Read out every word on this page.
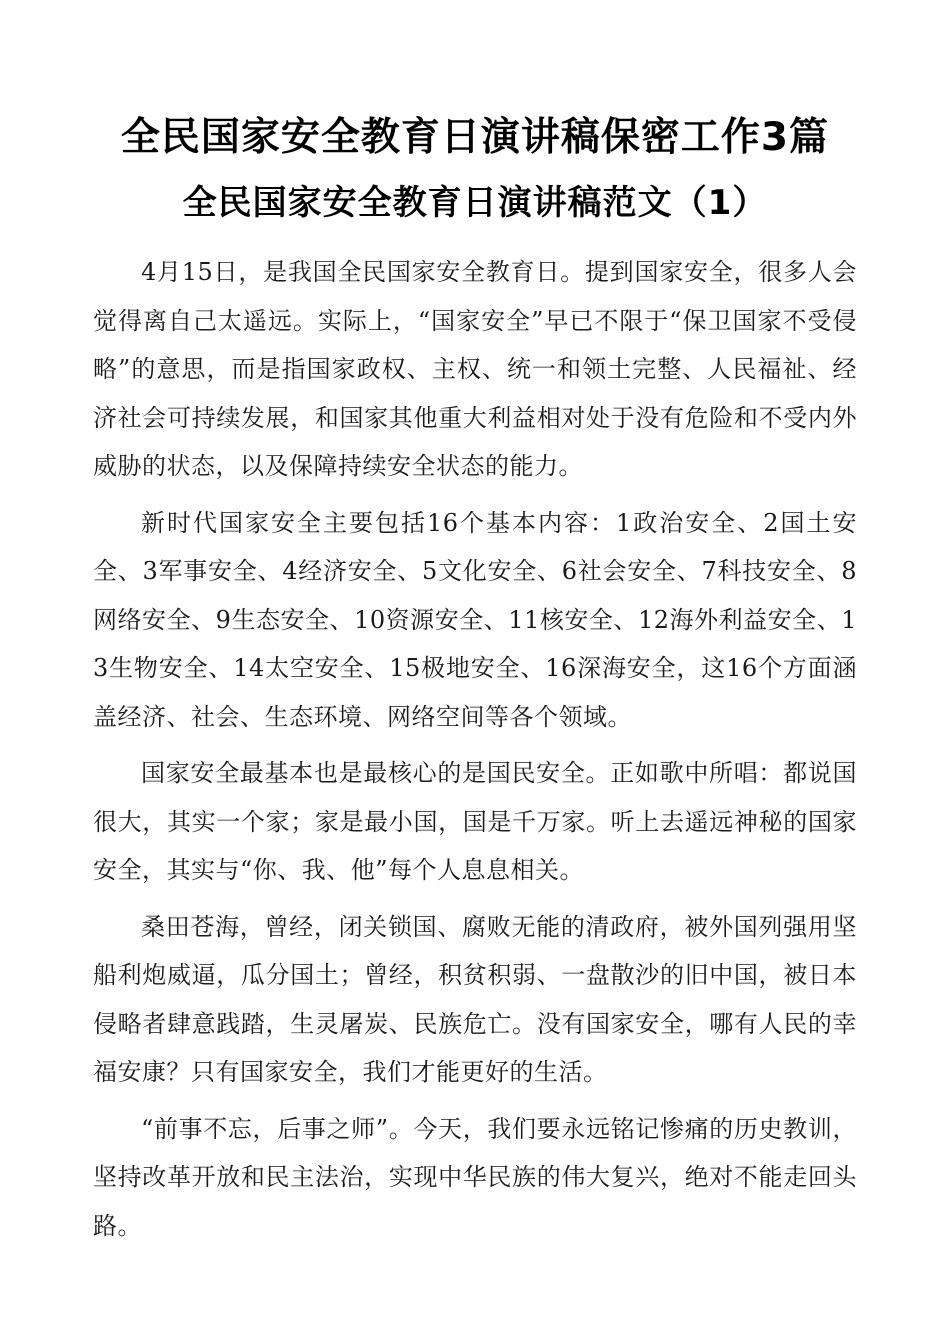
全民国家安全教育日演讲稿保密工作3篇
全民国家安全教育日演讲稿范文（1）

4月15日，是我国全民国家安全教育日。提到国家安全，很多人会觉得离自己太遥远。实际上，“国家安全”早已不限于“保卫国家不受侵略”的意思，而是指国家政权、主权、统一和领土完整、人民福祉、经济社会可持续发展，和国家其他重大利益相对处于没有危险和不受内外威胁的状态，以及保障持续安全状态的能力。

新时代国家安全主要包括16个基本内容：1政治安全、2国土安全、3军事安全、4经济安全、5文化安全、6社会安全、7科技安全、8网络安全、9生态安全、10资源安全、11核安全、12海外利益安全、13生物安全、14太空安全、15极地安全、16深海安全，这16个方面涵盖经济、社会、生态环境、网络空间等各个领域。

国家安全最基本也是最核心的是国民安全。正如歌中所唱：都说国很大，其实一个家；家是最小国，国是千万家。听上去遥远神秘的国家安全，其实与“你、我、他”每个人息息相关。

桑田苍海，曾经，闭关锁国、腐败无能的清政府，被外国列强用坚船利炮威逼，瓜分国土；曾经，积贫积弱、一盘散沙的旧中国，被日本侵略者肆意践踏，生灵屠炭、民族危亡。没有国家安全，哪有人民的幸福安康？只有国家安全，我们才能更好的生活。

“前事不忘，后事之师”。今天，我们要永远铭记惨痛的历史教训，坚持改革开放和民主法治，实现中华民族的伟大复兴，绝对不能走回头路。
